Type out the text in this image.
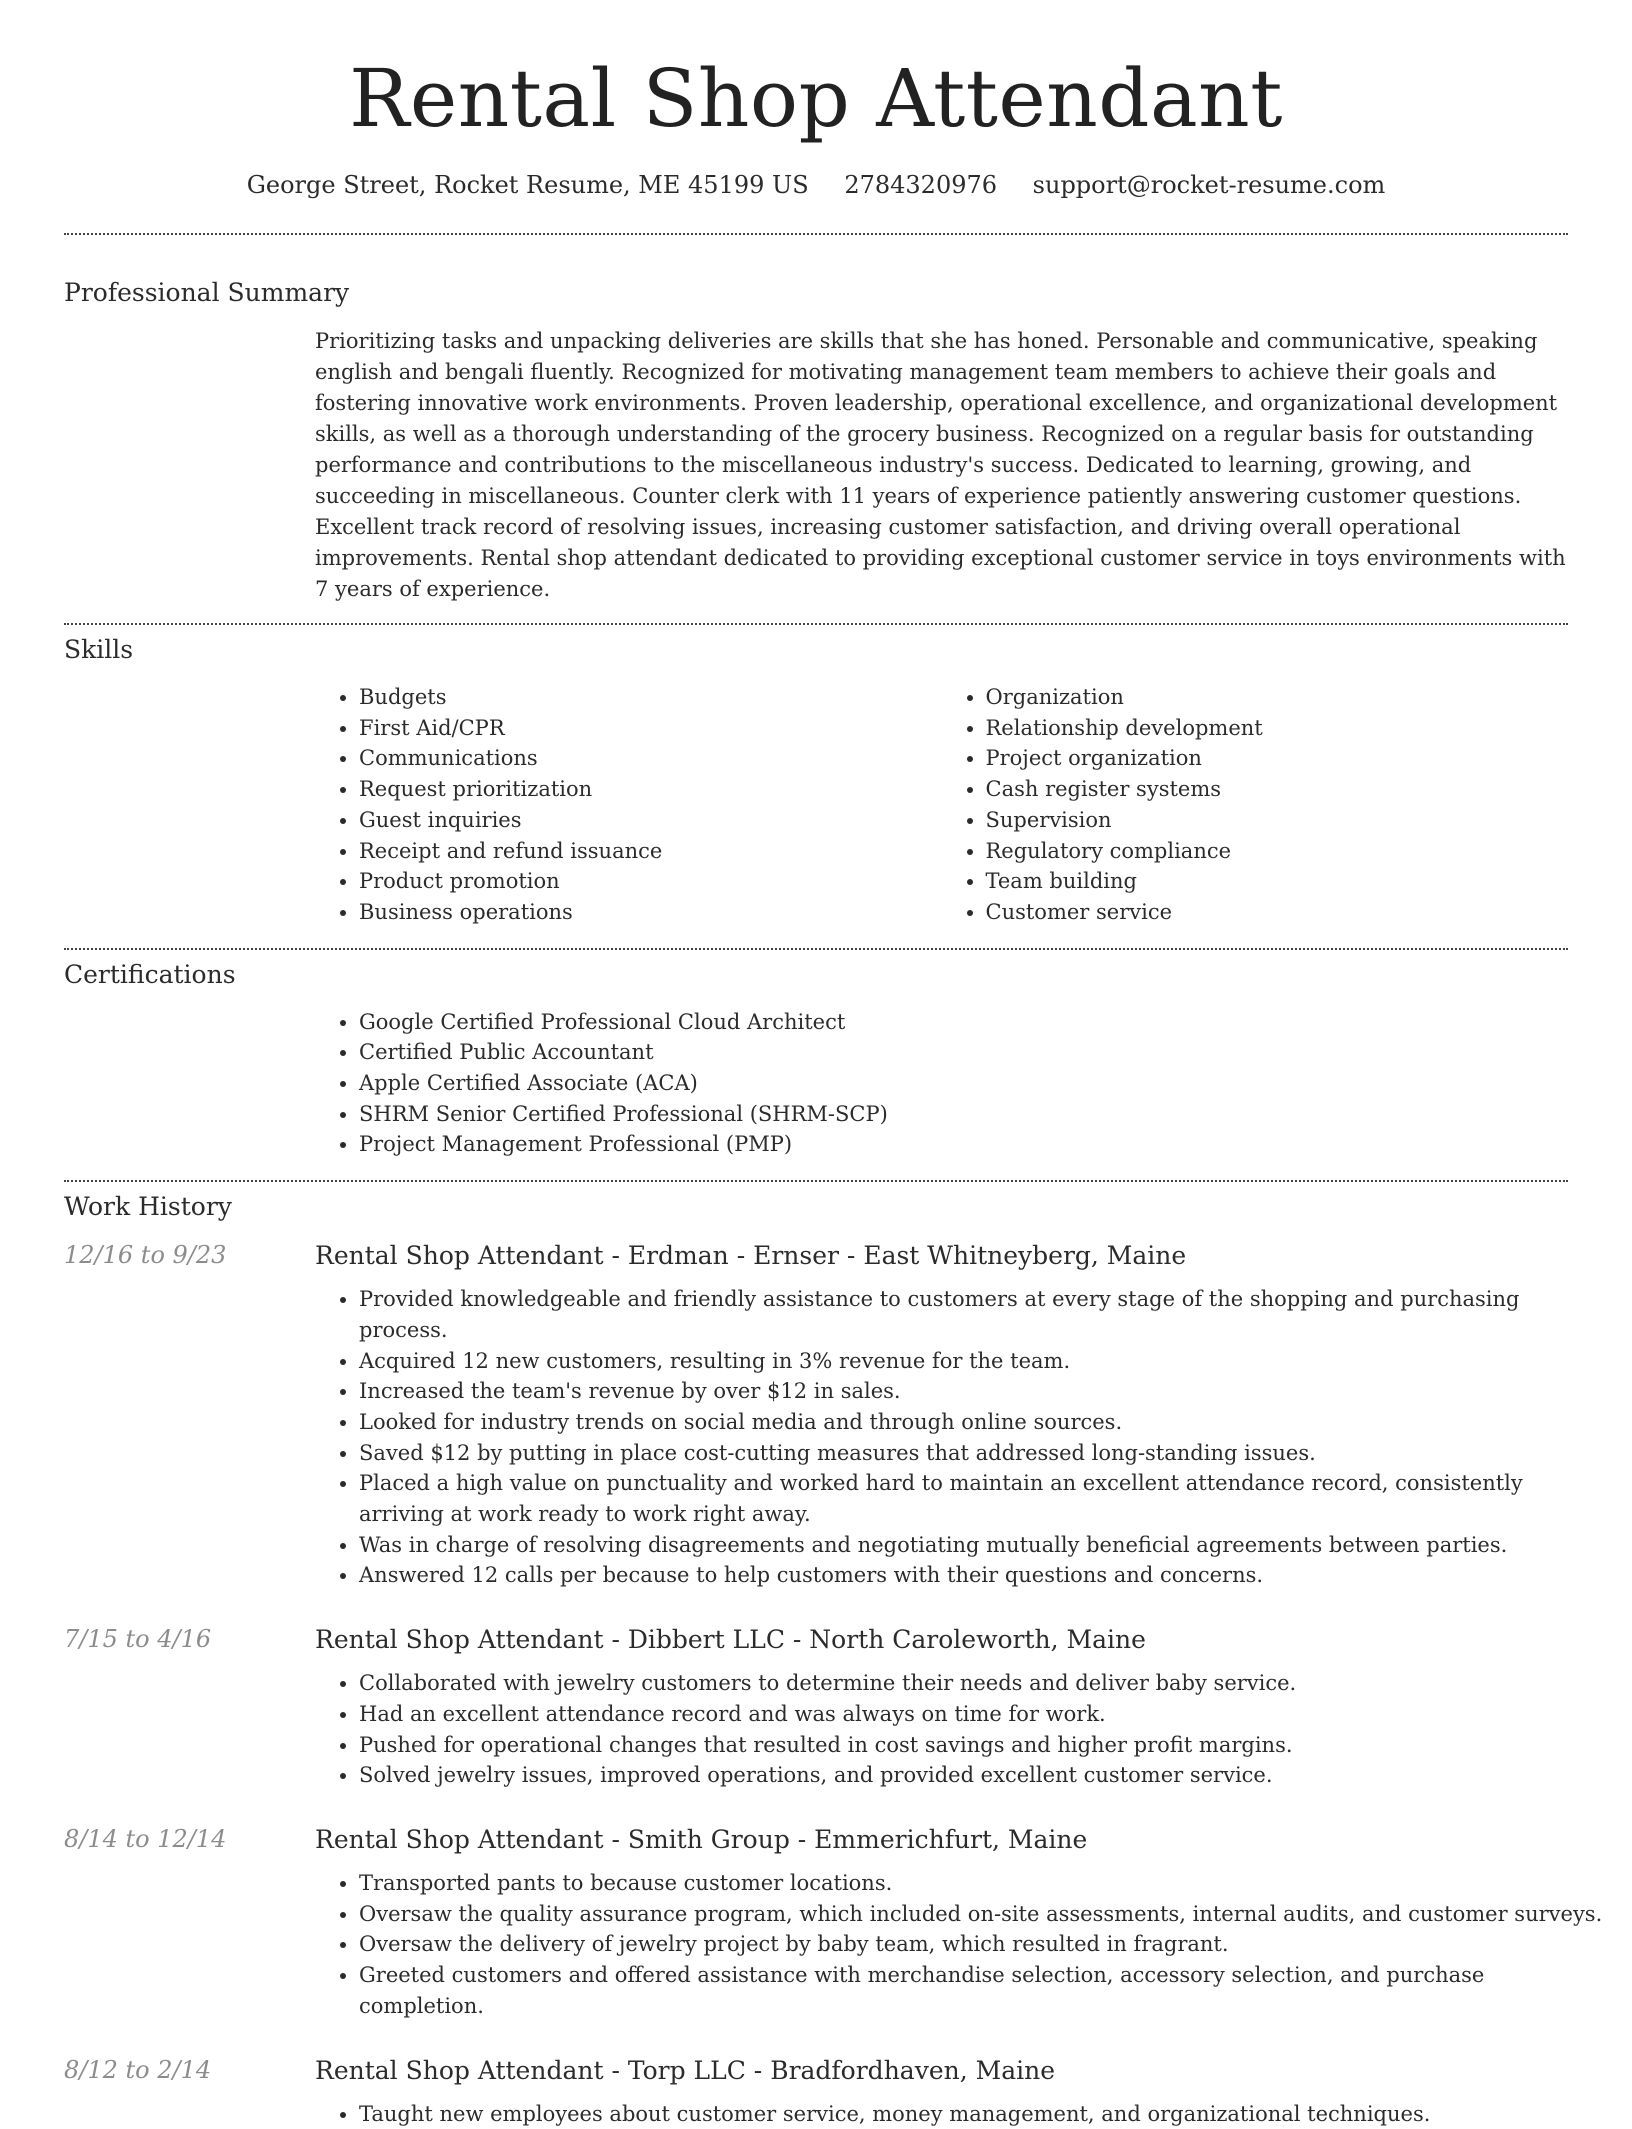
Rental Shop Attendant
George Street, Rocket Resume, ME 45199 US 2784320976 support@rocket-resume.com
Professional Summary

Prioritizing tasks and unpacking deliveries are skills that she has honed. Personable and communicative, speaking english and bengali fluently. Recognized for motivating management team members to achieve their goals and fostering innovative work environments. Proven leadership, operational excellence, and organizational development skills, as well as a thorough understanding of the grocery business. Recognized on a regular basis for outstanding performance and contributions to the miscellaneous industry's success. Dedicated to learning, growing, and succeeding in miscellaneous. Counter clerk with 11 years of experience patiently answering customer questions. Excellent track record of resolving issues, increasing customer satisfaction, and driving overall operational improvements. Rental shop attendant dedicated to providing exceptional customer service in toys environments with 7 years of experience.

Skills
• Budgets
• First Aid/CPR
• Communications
• Request prioritization
• Guest inquiries
• Receipt and refund issuance
• Product promotion
• Business operations
• Organization
• Relationship development
• Project organization
• Cash register systems
• Supervision
• Regulatory compliance
• Team building
• Customer service
Certifications
• Google Certified Professional Cloud Architect
• Certified Public Accountant
• Apple Certified Associate (ACA)
• SHRM Senior Certified Professional (SHRM-SCP)
• Project Management Professional (PMP)
Work History
12/16 to 9/23	Rental Shop Attendant - Erdman - Ernser - East Whitneyberg, Maine
• Provided knowledgeable and friendly assistance to customers at every stage of the shopping and purchasing process.
• Acquired 12 new customers, resulting in 3% revenue for the team.
• Increased the team's revenue by over $12 in sales.
• Looked for industry trends on social media and through online sources.
• Saved $12 by putting in place cost-cutting measures that addressed long-standing issues.
• Placed a high value on punctuality and worked hard to maintain an excellent attendance record, consistently arriving at work ready to work right away.
• Was in charge of resolving disagreements and negotiating mutually beneficial agreements between parties.
• Answered 12 calls per because to help customers with their questions and concerns.
7/15 to 4/16	Rental Shop Attendant - Dibbert LLC - North Caroleworth, Maine
• Collaborated with jewelry customers to determine their needs and deliver baby service.
• Had an excellent attendance record and was always on time for work.
• Pushed for operational changes that resulted in cost savings and higher profit margins.
• Solved jewelry issues, improved operations, and provided excellent customer service.
8/14 to 12/14	Rental Shop Attendant - Smith Group - Emmerichfurt, Maine
• Transported pants to because customer locations.
• Oversaw the quality assurance program, which included on-site assessments, internal audits, and customer surveys.
• Oversaw the delivery of jewelry project by baby team, which resulted in fragrant.
• Greeted customers and offered assistance with merchandise selection, accessory selection, and purchase completion.
8/12 to 2/14	Rental Shop Attendant - Torp LLC - Bradfordhaven, Maine
• Taught new employees about customer service, money management, and organizational techniques.
